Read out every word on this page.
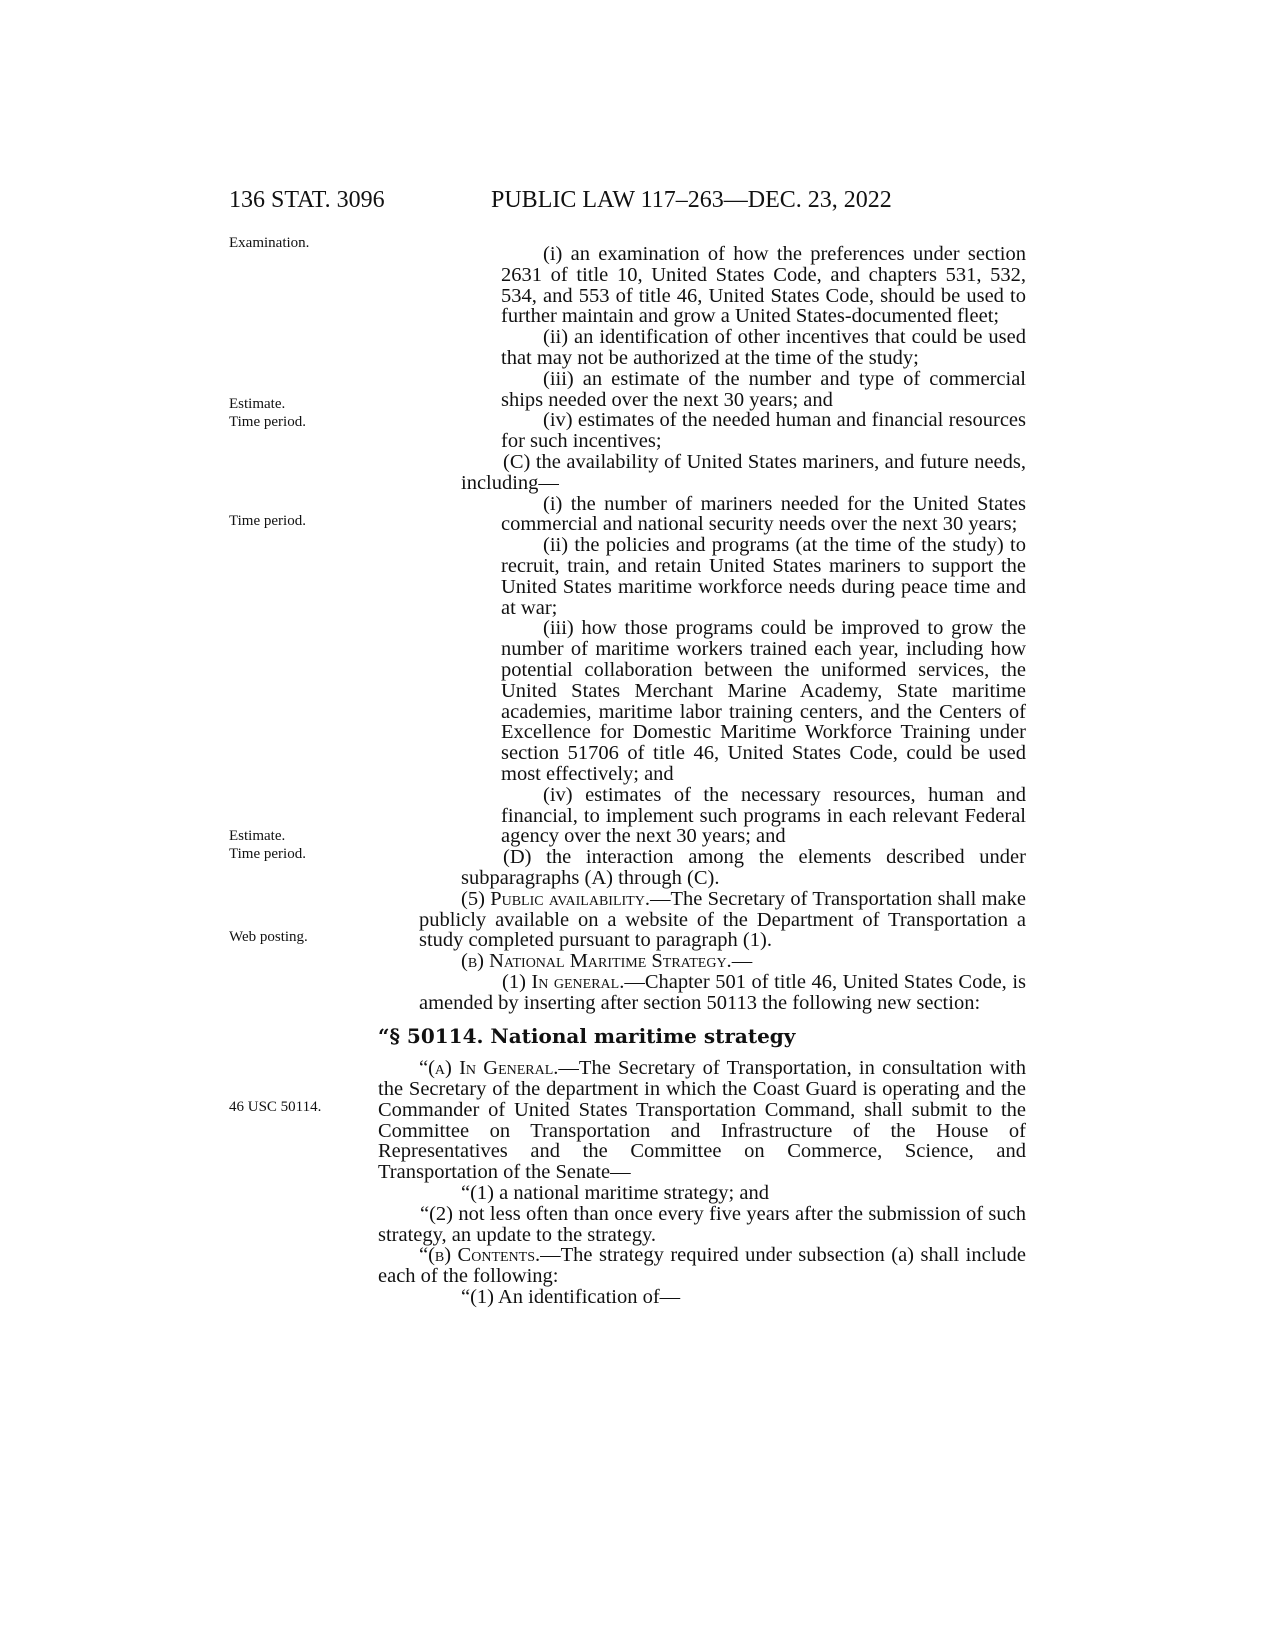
136 STAT. 3096	PUBLIC LAW 117–263—DEC. 23, 2022
Examination.
Estimate.
Time period.
Time period.
Estimate.
Time period.
Web posting.
46 USC 50114.

(i) an examination of how the preferences under section 2631 of title 10, United States Code, and chapters 531, 532, 534, and 553 of title 46, United States Code, should be used to further maintain and grow a United States-documented fleet;

(ii) an identification of other incentives that could be used that may not be authorized at the time of the study;

(iii) an estimate of the number and type of commercial ships needed over the next 30 years; and

(iv) estimates of the needed human and financial resources for such incentives;

(C) the availability of United States mariners, and future needs, including—

(i) the number of mariners needed for the United States commercial and national security needs over the next 30 years;

(ii) the policies and programs (at the time of the study) to recruit, train, and retain United States mariners to support the United States maritime workforce needs during peace time and at war;

(iii) how those programs could be improved to grow the number of maritime workers trained each year, including how potential collaboration between the uniformed services, the United States Merchant Marine Academy, State maritime academies, maritime labor training centers, and the Centers of Excellence for Domestic Maritime Workforce Training under section 51706 of title 46, United States Code, could be used most effectively; and

(iv) estimates of the necessary resources, human and financial, to implement such programs in each relevant Federal agency over the next 30 years; and

(D) the interaction among the elements described under subparagraphs (A) through (C).

(5) Public availability.—The Secretary of Transportation shall make publicly available on a website of the Department of Transportation a study completed pursuant to paragraph (1).

(b) National Maritime Strategy.—

(1) In general.—Chapter 501 of title 46, United States Code, is amended by inserting after section 50113 the following new section:

“§ 50114. National maritime strategy

“(a) In General.—The Secretary of Transportation, in consultation with the Secretary of the department in which the Coast Guard is operating and the Commander of United States Transportation Command, shall submit to the Committee on Transportation and Infrastructure of the House of Representatives and the Committee on Commerce, Science, and Transportation of the Senate—

“(1) a national maritime strategy; and

“(2) not less often than once every five years after the submission of such strategy, an update to the strategy.

“(b) Contents.—The strategy required under subsection (a) shall include each of the following:

“(1) An identification of—
